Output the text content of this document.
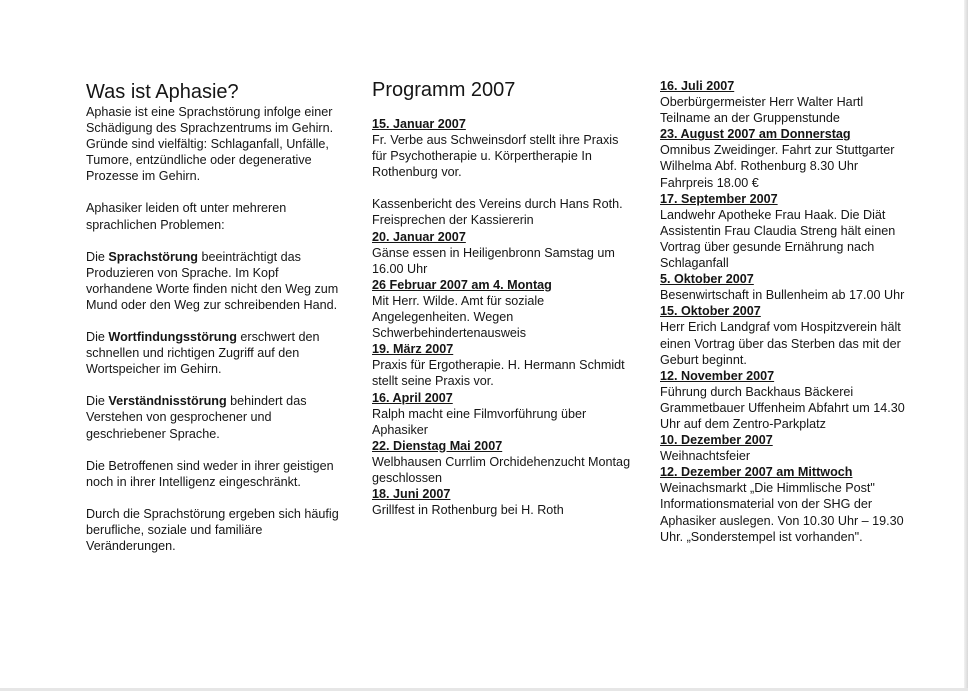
Was ist Aphasie?

Aphasie ist eine Sprachstörung infolge einer Schädigung des Sprachzentrums im Gehirn. Gründe sind vielfältig: Schlaganfall, Unfälle, Tumore, entzündliche oder degenerative Prozesse im Gehirn.

Aphasiker leiden oft unter mehreren sprachlichen Problemen:

Die Sprachstörung beeinträchtigt das Produzieren von Sprache. Im Kopf vorhandene Worte finden nicht den Weg zum Mund oder den Weg zur schreibenden Hand.

Die Wortfindungsstörung erschwert den schnellen und richtigen Zugriff auf den Wortspeicher im Gehirn.

Die Verständnisstörung behindert das Verstehen von gesprochener und geschriebener Sprache.

Die Betroffenen sind weder in ihrer geistigen noch in ihrer Intelligenz eingeschränkt.

Durch die Sprachstörung ergeben sich häufig berufliche, soziale und familiäre Veränderungen.

Programm 2007
15. Januar 2007
Fr. Verbe aus Schweinsdorf stellt ihre Praxis für Psychotherapie u. Körpertherapie In Rothenburg vor.

Kassenbericht des Vereins durch Hans Roth. Freisprechen der Kassiererin

20. Januar 2007
Gänse essen in Heiligenbronn Samstag um 16.00 Uhr
26 Februar 2007 am 4. Montag
Mit Herr. Wilde. Amt für soziale Angelegenheiten. Wegen Schwerbehindertenausweis
19. März 2007
Praxis für Ergotherapie. H. Hermann Schmidt stellt seine Praxis vor.
16. April 2007
Ralph macht eine Filmvorführung über Aphasiker
22. Dienstag Mai 2007
Welbhausen Currlim Orchidehenzucht Montag geschlossen
18. Juni 2007
Grillfest in Rothenburg bei H. Roth
16. Juli 2007
Oberbürgermeister Herr Walter Hartl Teilname an der Gruppenstunde
23. August 2007 am Donnerstag
Omnibus Zweidinger. Fahrt zur Stuttgarter Wilhelma Abf. Rothenburg 8.30 Uhr Fahrpreis 18.00 €
17. September 2007
Landwehr Apotheke Frau Haak. Die Diät Assistentin Frau Claudia Streng hält einen Vortrag über gesunde Ernährung nach Schlaganfall
5. Oktober 2007
Besenwirtschaft in Bullenheim ab 17.00 Uhr
15. Oktober 2007
Herr Erich Landgraf vom Hospitzverein hält einen Vortrag über das Sterben das mit der Geburt beginnt.
12. November 2007
Führung durch Backhaus Bäckerei Grammetbauer Uffenheim Abfahrt um 14.30 Uhr auf dem Zentro-Parkplatz
10. Dezember 2007
Weihnachtsfeier
12. Dezember 2007 am Mittwoch
Weinachsmarkt „Die Himmlische Post" Informationsmaterial von der SHG der Aphasiker auslegen. Von 10.30 Uhr – 19.30 Uhr. „Sonderstempel ist vorhanden".
